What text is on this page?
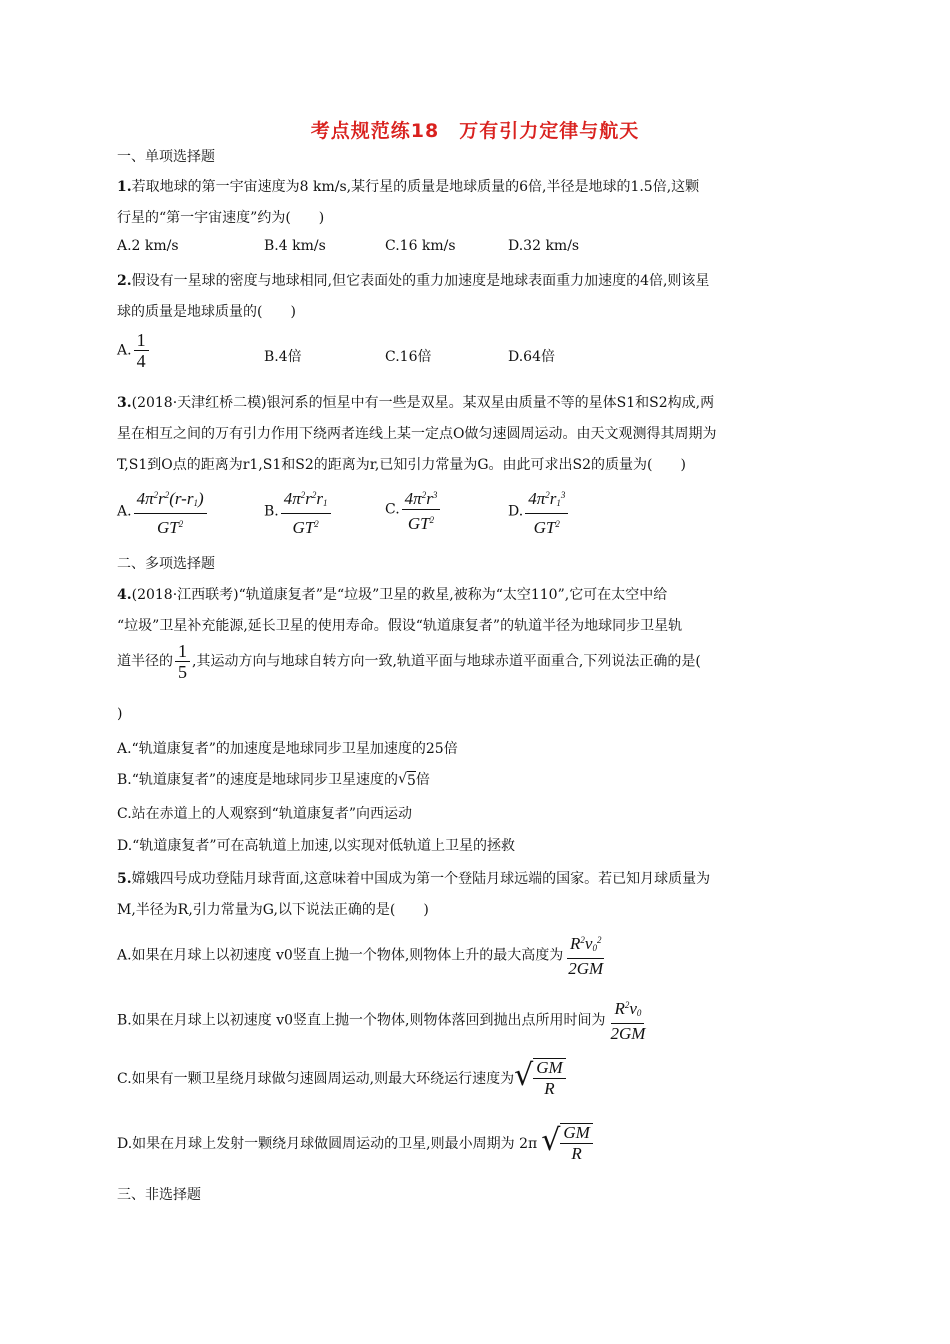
考点规范练18　万有引力定律与航天
一、单项选择题
1.若取地球的第一宇宙速度为8 km/s,某行星的质量是地球质量的6倍,半径是地球的1.5倍,这颗
行星的“第一宇宙速度”约为(　　)
A.2 km/s	B.4 km/s	C.16 km/s	D.32 km/s
2.假设有一星球的密度与地球相同,但它表面处的重力加速度是地球表面重力加速度的4倍,则该星
球的质量是地球质量的(　　)
A. $\frac{1}{4}$	B.4倍	C.16倍	D.64倍
3.(2018·天津红桥二模)银河系的恒星中有一些是双星。某双星由质量不等的星体S1和S2构成,两
星在相互之间的万有引力作用下绕两者连线上某一定点O做匀速圆周运动。由天文观测得其周期为
T,S1到O点的距离为r1,S1和S2的距离为r,已知引力常量为G。由此可求出S2的质量为(　　)
A. $\frac{4\pi^2r^2(r-r_1)}{GT^2}$	B. $\frac{4\pi^2r^2r_1}{GT^2}$	C. $\frac{4\pi^2r^3}{GT^2}$	D. $\frac{4\pi^2r_1^3}{GT^2}$
二、多项选择题
4.(2018·江西联考)“轨道康复者”是“垃圾”卫星的救星,被称为“太空110”,它可在太空中给
“垃圾”卫星补充能源,延长卫星的使用寿命。假设“轨道康复者”的轨道半径为地球同步卫星轨
道半径的 $\frac{1}{5}$ ,其运动方向与地球自转方向一致,轨道平面与地球赤道平面重合,下列说法正确的是(
)
A.“轨道康复者”的加速度是地球同步卫星加速度的25倍
B.“轨道康复者”的速度是地球同步卫星速度的 √ 5 倍
C.站在赤道上的人观察到“轨道康复者”向西运动
D.“轨道康复者”可在高轨道上加速,以实现对低轨道上卫星的拯救
5.嫦娥四号成功登陆月球背面,这意味着中国成为第一个登陆月球远端的国家。若已知月球质量为
M,半径为R,引力常量为G,以下说法正确的是(　　)
A.如果在月球上以初速度 v0竖直上抛一个物体,则物体上升的最大高度为 $\frac{R^2v_0^2}{2GM}$
B.如果在月球上以初速度 v0竖直上抛一个物体,则物体落回到抛出点所用时间为 $\frac{R^2v_0}{2GM}$
C.如果有一颗卫星绕月球做匀速圆周运动,则最大环绕运行速度为 √ $\frac{GM}{R}$
D.如果在月球上发射一颗绕月球做圆周运动的卫星,则最小周期为 2π √ $\frac{GM}{R}$
三、非选择题
